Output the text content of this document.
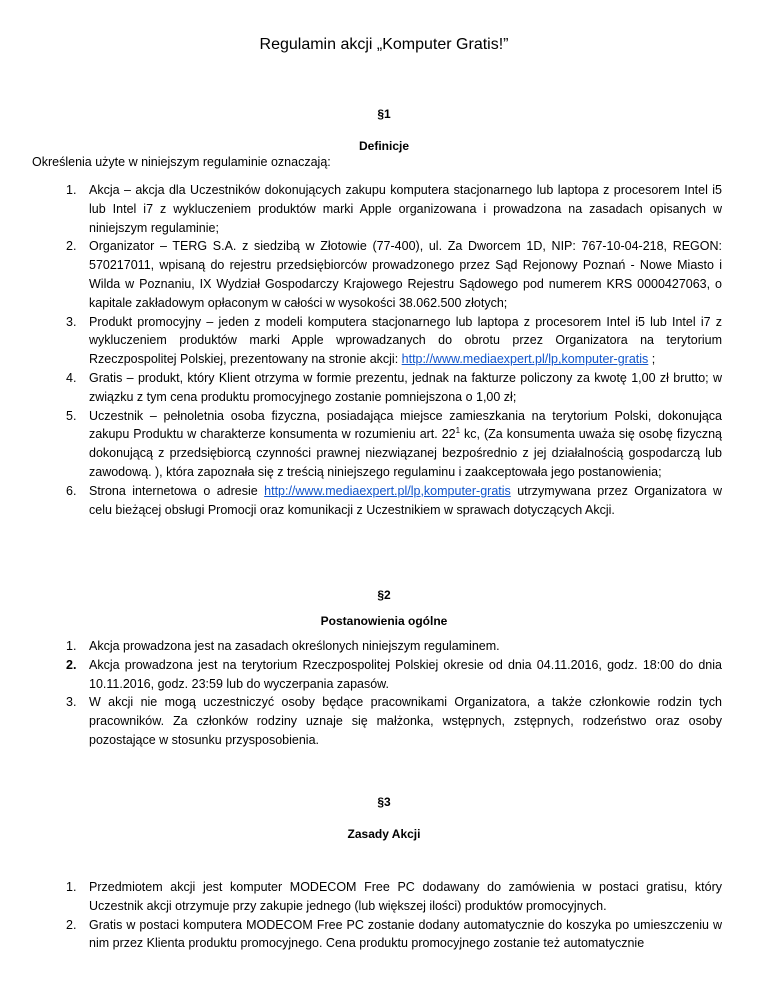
Regulamin akcji „Komputer Gratis!”
§1
Definicje
Określenia użyte w niniejszym regulaminie oznaczają:
1. Akcja – akcja dla Uczestników dokonujących zakupu komputera stacjonarnego lub laptopa z procesorem Intel i5 lub Intel i7 z wykluczeniem produktów marki Apple organizowana i prowadzona na zasadach opisanych w niniejszym regulaminie;
2. Organizator – TERG S.A. z siedzibą w Złotowie (77-400), ul. Za Dworcem 1D, NIP: 767-10-04-218, REGON: 570217011, wpisaną do rejestru przedsiębiorców prowadzonego przez Sąd Rejonowy Poznań - Nowe Miasto i Wilda w Poznaniu, IX Wydział Gospodarczy Krajowego Rejestru Sądowego pod numerem KRS 0000427063, o kapitale zakładowym opłaconym w całości w wysokości 38.062.500 złotych;
3. Produkt promocyjny – jeden z modeli komputera stacjonarnego lub laptopa z procesorem Intel i5 lub Intel i7 z wykluczeniem produktów marki Apple wprowadzanych do obrotu przez Organizatora na terytorium Rzeczpospolitej Polskiej, prezentowany na stronie akcji: http://www.mediaexpert.pl/lp,komputer-gratis ;
4. Gratis – produkt, który Klient otrzyma w formie prezentu, jednak na fakturze policzony za kwotę 1,00 zł brutto; w związku z tym cena produktu promocyjnego zostanie pomniejszona o 1,00 zł;
5. Uczestnik – pełnoletnia osoba fizyczna, posiadająca miejsce zamieszkania na terytorium Polski, dokonująca zakupu Produktu w charakterze konsumenta w rozumieniu art. $22^1$ kc, (Za konsumenta uważa się osobę fizyczną dokonującą z przedsiębiorcą czynności prawnej niezwiązanej bezpośrednio z jej działalnością gospodarczą lub zawodową. ), która zapoznała się z treścią niniejszego regulaminu i zaakceptowała jego postanowienia;
6. Strona internetowa o adresie http://www.mediaexpert.pl/lp,komputer-gratis utrzymywana przez Organizatora w celu bieżącej obsługi Promocji oraz komunikacji z Uczestnikiem w sprawach dotyczących Akcji.
§2
Postanowienia ogólne
1. Akcja prowadzona jest na zasadach określonych niniejszym regulaminem.
2. Akcja prowadzona jest na terytorium Rzeczpospolitej Polskiej okresie od dnia 04.11.2016, godz. 18:00 do dnia 10.11.2016, godz. 23:59 lub do wyczerpania zapasów.
3. W akcji nie mogą uczestniczyć osoby będące pracownikami Organizatora, a także członkowie rodzin tych pracowników. Za członków rodziny uznaje się małżonka, wstępnych, zstępnych, rodzeństwo oraz osoby pozostające w stosunku przysposobienia.
§3
Zasady Akcji
1. Przedmiotem akcji jest komputer MODECOM Free PC dodawany do zamówienia w postaci gratisu, który Uczestnik akcji otrzymuje przy zakupie jednego (lub większej ilości) produktów promocyjnych.
2. Gratis w postaci komputera MODECOM Free PC zostanie dodany automatycznie do koszyka po umieszczeniu w nim przez Klienta produktu promocyjnego. Cena produktu promocyjnego zostanie też automatycznie
